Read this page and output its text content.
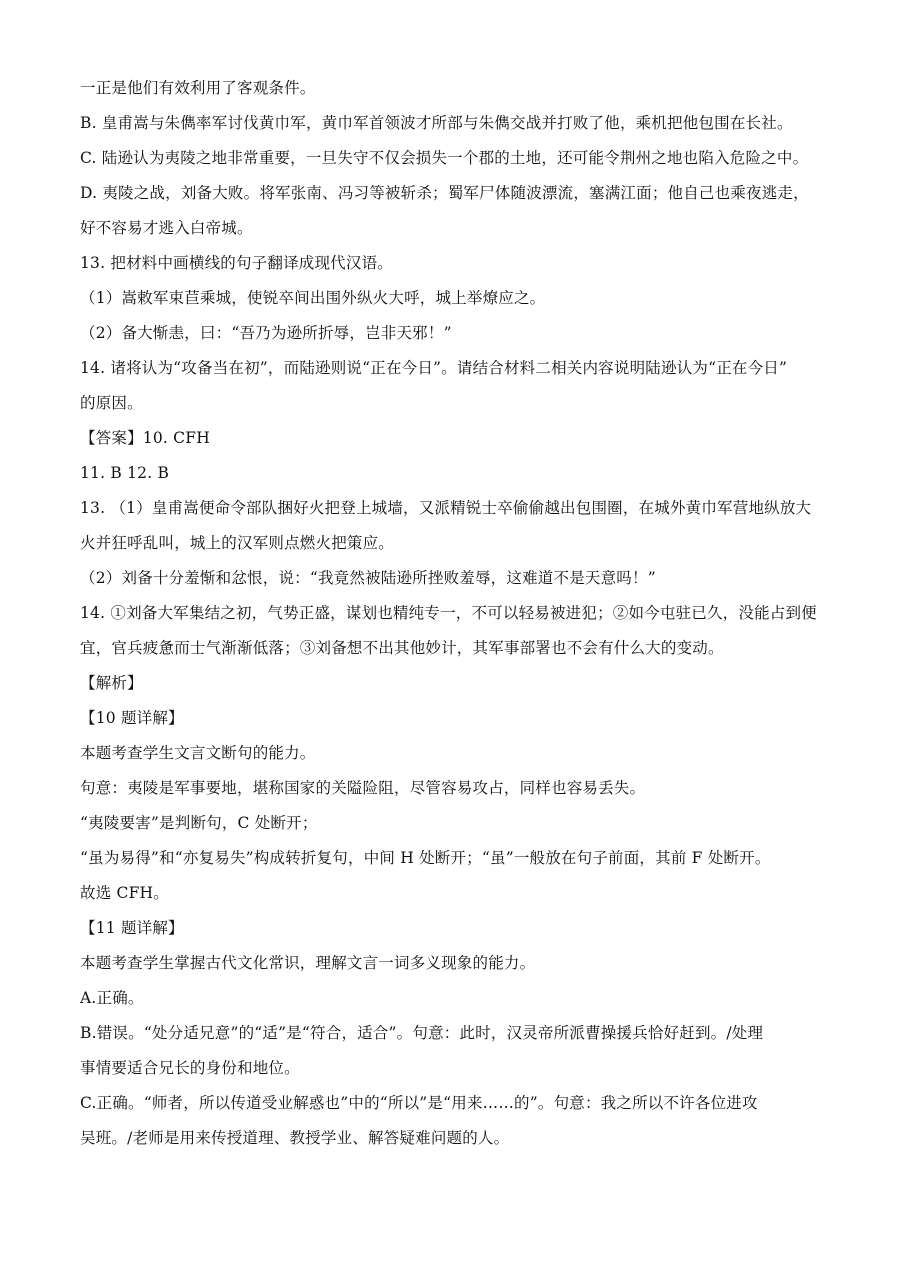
一正是他们有效利用了客观条件。
B. 皇甫嵩与朱儁率军讨伐黄巾军，黄巾军首领波才所部与朱儁交战并打败了他，乘机把他包围在长社。
C. 陆逊认为夷陵之地非常重要，一旦失守不仅会损失一个郡的土地，还可能令荆州之地也陷入危险之中。
D. 夷陵之战，刘备大败。将军张南、冯习等被斩杀；蜀军尸体随波漂流，塞满江面；他自己也乘夜逃走，
好不容易才逃入白帝城。
13. 把材料中画横线的句子翻译成现代汉语。
（1）嵩敕军束苣乘城，使锐卒间出围外纵火大呼，城上举燎应之。
（2）备大惭恚，曰：“吾乃为逊所折辱，岂非天邪！”
14. 诸将认为“攻备当在初”，而陆逊则说“正在今日”。请结合材料二相关内容说明陆逊认为“正在今日”
的原因。
【答案】10. CFH
11. B 12. B
13. （1）皇甫嵩便命令部队捆好火把登上城墙，又派精锐士卒偷偷越出包围圈，在城外黄巾军营地纵放大
火并狂呼乱叫，城上的汉军则点燃火把策应。
（2）刘备十分羞惭和忿恨，说：“我竟然被陆逊所挫败羞辱，这难道不是天意吗！”
14. ①刘备大军集结之初，气势正盛，谋划也精纯专一，不可以轻易被进犯；②如今屯驻已久，没能占到便
宜，官兵疲惫而士气渐渐低落；③刘备想不出其他妙计，其军事部署也不会有什么大的变动。
【解析】
【10 题详解】
本题考查学生文言文断句的能力。
句意：夷陵是军事要地，堪称国家的关隘险阻，尽管容易攻占，同样也容易丢失。
“夷陵要害”是判断句，C 处断开；
“虽为易得”和“亦复易失”构成转折复句，中间 H 处断开；“虽”一般放在句子前面，其前 F 处断开。
故选 CFH。
【11 题详解】
本题考查学生掌握古代文化常识，理解文言一词多义现象的能力。
A.正确。
B.错误。“处分适兄意”的“适”是“符合，适合”。句意：此时，汉灵帝所派曹操援兵恰好赶到。/处理
事情要适合兄长的身份和地位。
C.正确。“师者，所以传道受业解惑也”中的“所以”是“用来……的”。句意：我之所以不许各位进攻
吴班。/老师是用来传授道理、教授学业、解答疑难问题的人。
